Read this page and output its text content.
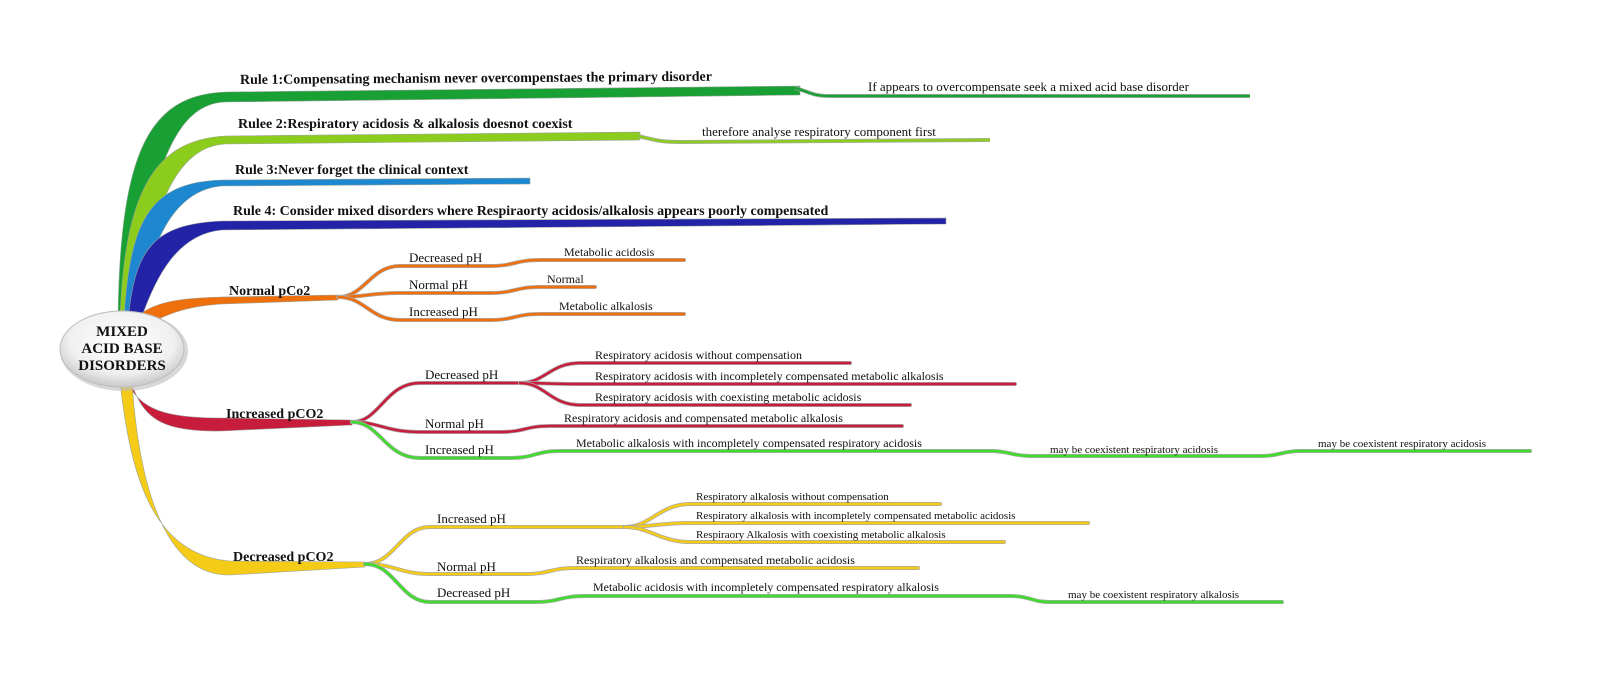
MIXED
ACID BASE
DISORDERS
Rule 1:Compensating mechanism never overcompenstaes the primary disorder	If appears to overcompensate seek a mixed acid base disorder
Rulee 2:Respiratory acidosis & alkalosis doesnot coexist	therefore analyse respiratory component first
Rule 3:Never forget the clinical context
Rule 4: Consider mixed disorders where Respiraorty acidosis/alkalosis appears poorly compensated
Normal pCo2
Decreased pH	Metabolic acidosis
Normal pH	Normal
Increased pH	Metabolic alkalosis
Increased pCO2
Decreased pH
Respiratory acidosis without compensation
Respiratory acidosis with incompletely compensated metabolic alkalosis
Respiratory acidosis with coexisting metabolic acidosis
Normal pH	Respiratory acidosis and compensated metabolic alkalosis
Increased pH	Metabolic alkalosis with incompletely compensated respiratory acidosis	may be coexistent respiratory acidosis	may be coexistent respiratory acidosis
Decreased pCO2
Increased pH
Respiratory alkalosis without compensation
Respiratory alkalosis with incompletely compensated metabolic acidosis
Respiraory Alkalosis with coexisting metabolic alkalosis
Normal pH	Respiratory alkalosis and compensated metabolic acidosis
Decreased pH	Metabolic acidosis with incompletely compensated respiratory alkalosis
may be coexistent respiratory alkalosis
